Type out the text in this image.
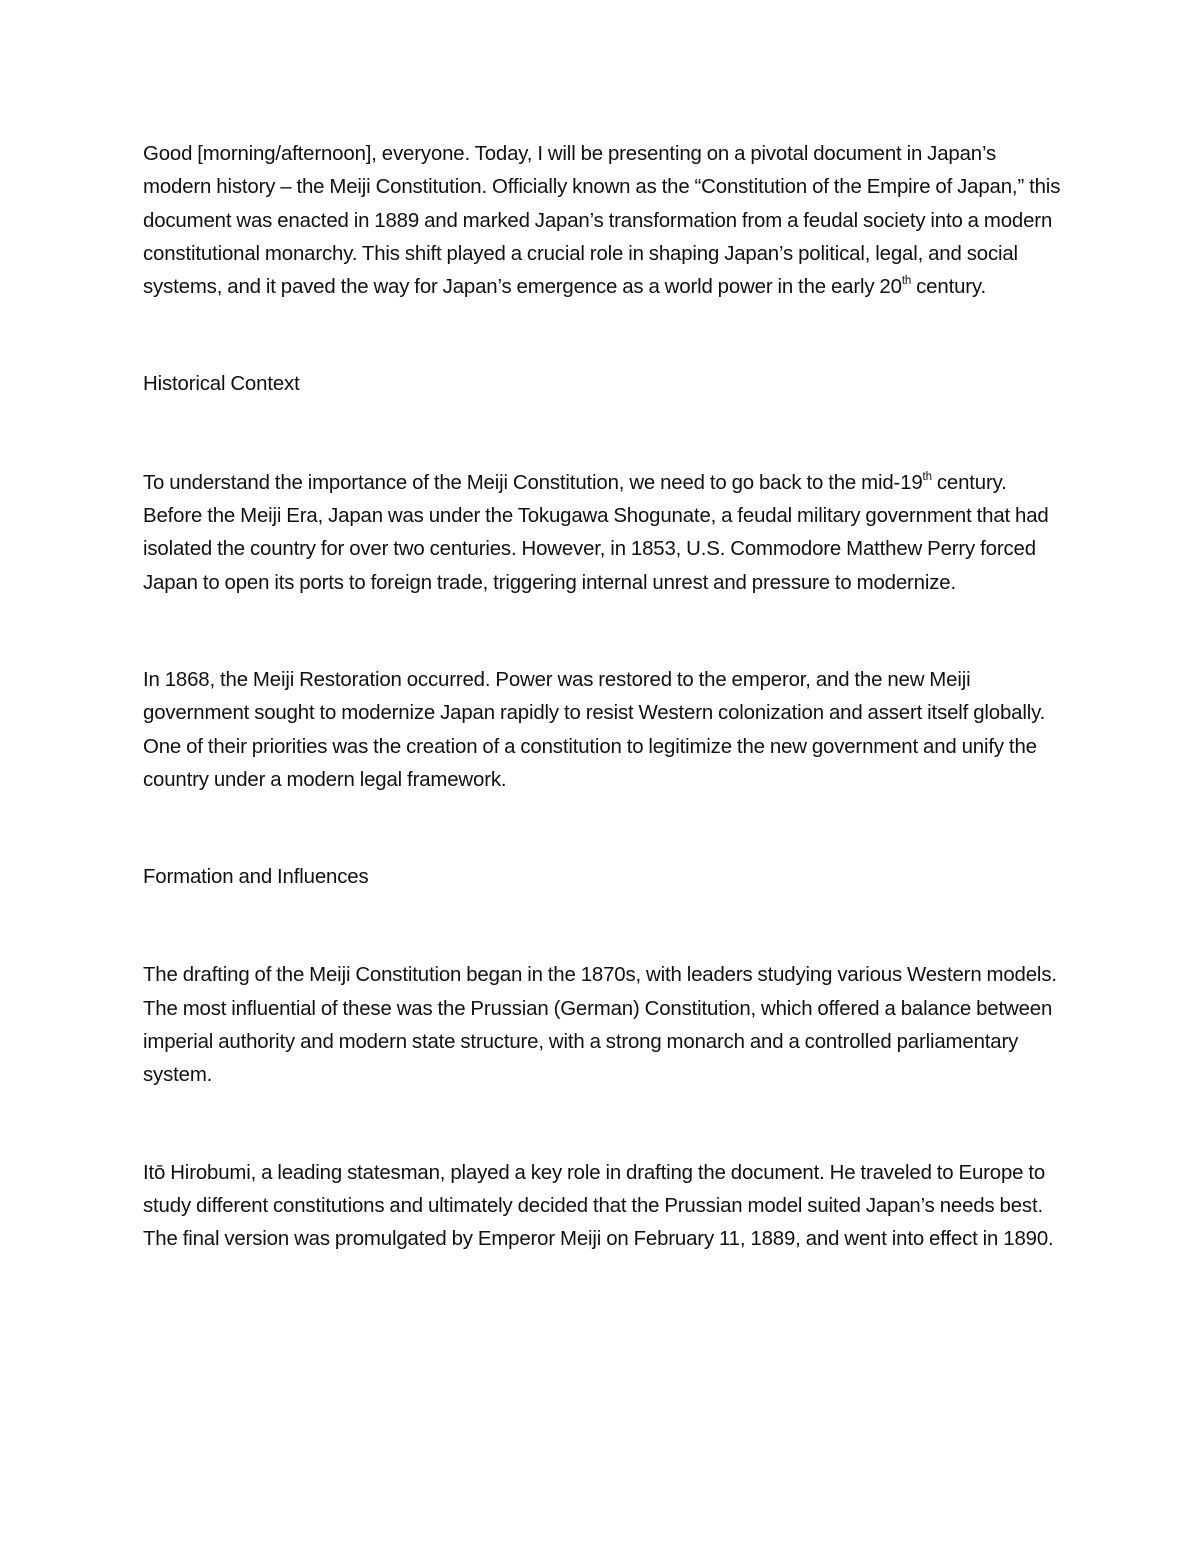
Good [morning/afternoon], everyone. Today, I will be presenting on a pivotal document in Japan’s modern history – the Meiji Constitution. Officially known as the “Constitution of the Empire of Japan,” this document was enacted in 1889 and marked Japan’s transformation from a feudal society into a modern constitutional monarchy. This shift played a crucial role in shaping Japan’s political, legal, and social systems, and it paved the way for Japan’s emergence as a world power in the early 20th century.

Historical Context

To understand the importance of the Meiji Constitution, we need to go back to the mid-19th century. Before the Meiji Era, Japan was under the Tokugawa Shogunate, a feudal military government that had isolated the country for over two centuries. However, in 1853, U.S. Commodore Matthew Perry forced Japan to open its ports to foreign trade, triggering internal unrest and pressure to modernize.

In 1868, the Meiji Restoration occurred. Power was restored to the emperor, and the new Meiji government sought to modernize Japan rapidly to resist Western colonization and assert itself globally. One of their priorities was the creation of a constitution to legitimize the new government and unify the country under a modern legal framework.

Formation and Influences

The drafting of the Meiji Constitution began in the 1870s, with leaders studying various Western models. The most influential of these was the Prussian (German) Constitution, which offered a balance between imperial authority and modern state structure, with a strong monarch and a controlled parliamentary system.

Itō Hirobumi, a leading statesman, played a key role in drafting the document. He traveled to Europe to study different constitutions and ultimately decided that the Prussian model suited Japan’s needs best. The final version was promulgated by Emperor Meiji on February 11, 1889, and went into effect in 1890.
